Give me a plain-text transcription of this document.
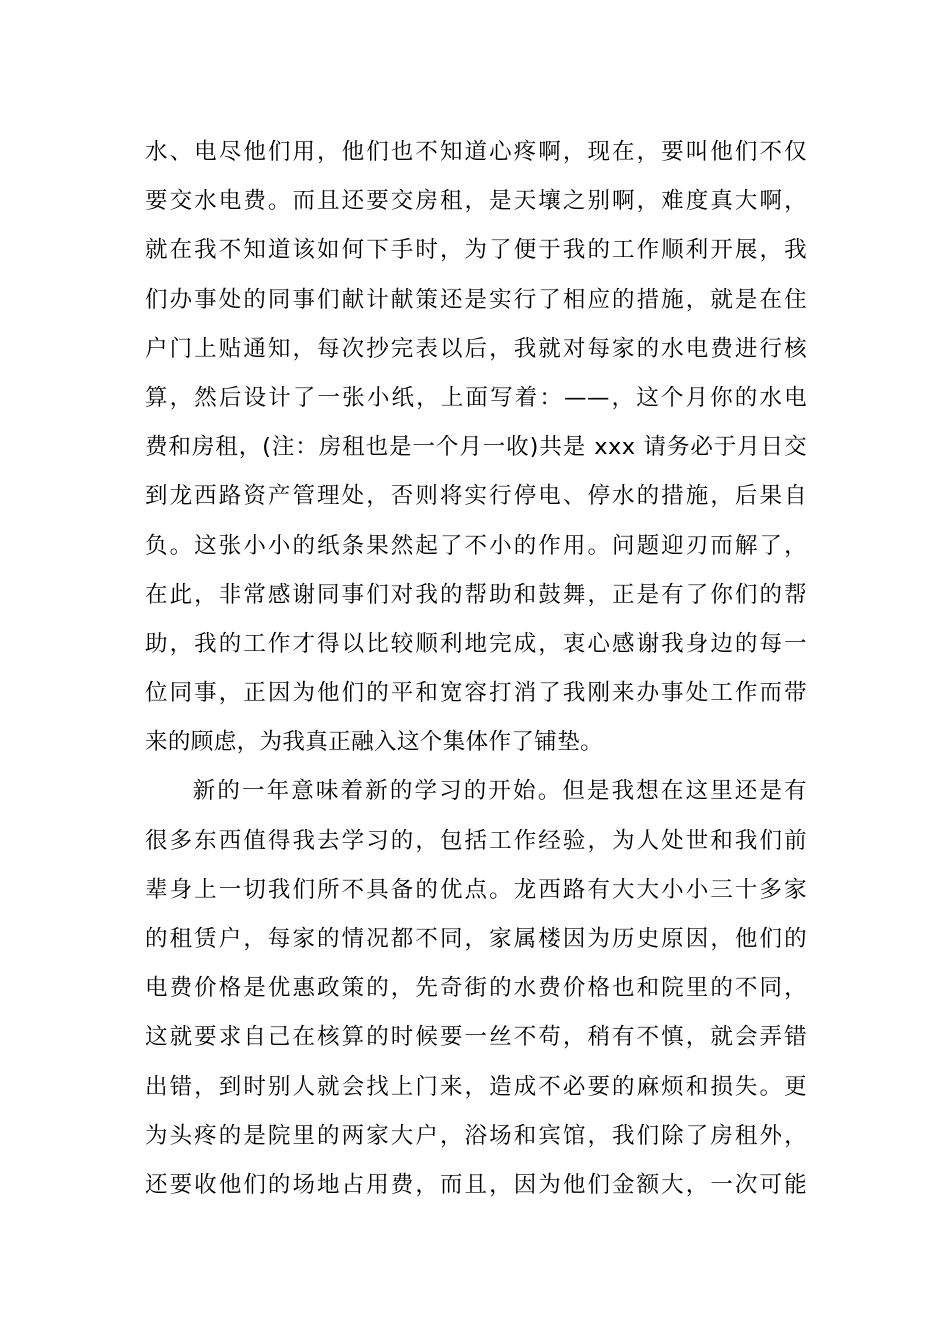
水、电尽他们用，他们也不知道心疼啊，现在，要叫他们不仅
要交水电费。而且还要交房租，是天壤之别啊，难度真大啊，
就在我不知道该如何下手时，为了便于我的工作顺利开展，我
们办事处的同事们献计献策还是实行了相应的措施，就是在住
户门上贴通知，每次抄完表以后，我就对每家的水电费进行核
算，然后设计了一张小纸，上面写着：——，这个月你的水电
费和房租，(注：房租也是一个月一收)共是 xxx 请务必于月日交
到龙西路资产管理处，否则将实行停电、停水的措施，后果自
负。这张小小的纸条果然起了不小的作用。问题迎刃而解了，
在此，非常感谢同事们对我的帮助和鼓舞，正是有了你们的帮
助，我的工作才得以比较顺利地完成，衷心感谢我身边的每一
位同事，正因为他们的平和宽容打消了我刚来办事处工作而带
来的顾虑，为我真正融入这个集体作了铺垫。
新的一年意味着新的学习的开始。但是我想在这里还是有
很多东西值得我去学习的，包括工作经验，为人处世和我们前
辈身上一切我们所不具备的优点。龙西路有大大小小三十多家
的租赁户，每家的情况都不同，家属楼因为历史原因，他们的
电费价格是优惠政策的，先奇街的水费价格也和院里的不同，
这就要求自己在核算的时候要一丝不苟，稍有不慎，就会弄错
出错，到时别人就会找上门来，造成不必要的麻烦和损失。更
为头疼的是院里的两家大户，浴场和宾馆，我们除了房租外，
还要收他们的场地占用费，而且，因为他们金额大，一次可能
